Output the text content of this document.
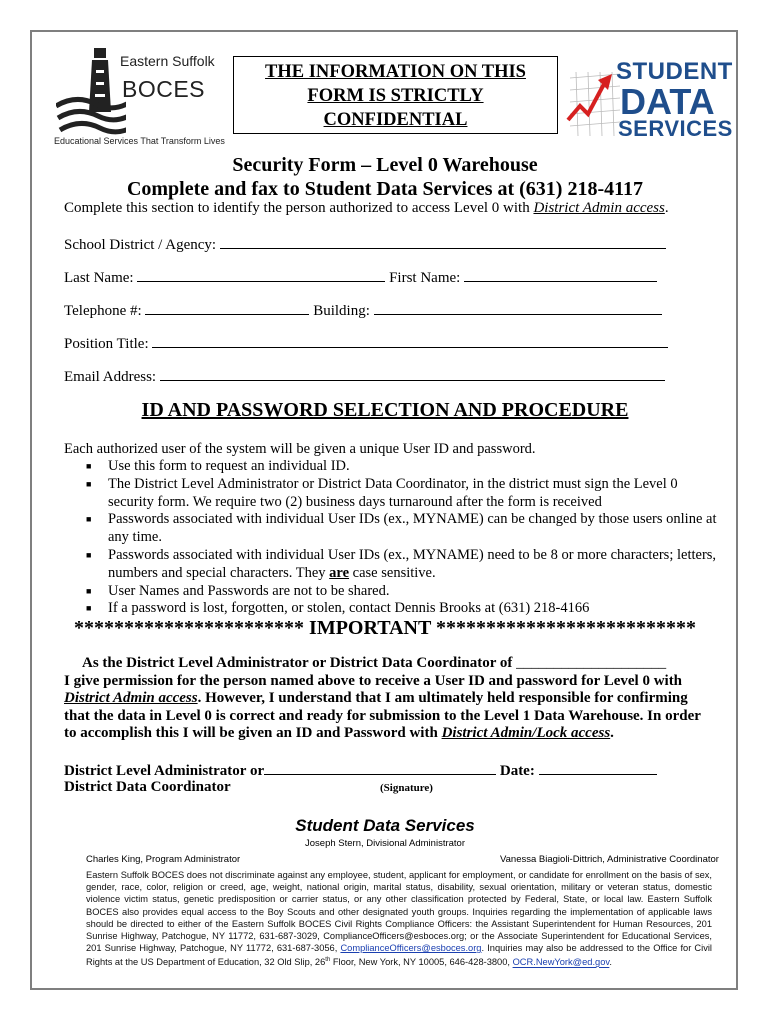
Eastern Suffolk
BOCES
Educational Services That Transform Lives
THE INFORMATION ON THIS
FORM IS STRICTLY
CONFIDENTIAL
STUDENT
DATA
SERVICES
Security Form – Level 0 Warehouse
Complete and fax to Student Data Services at (631) 218-4117
Complete this section to identify the person authorized to access Level 0 with District Admin access.
School District / Agency:
Last Name:	First Name:
Telephone #:	Building:
Position Title:
Email Address:
ID AND PASSWORD SELECTION AND PROCEDURE
Each authorized user of the system will be given a unique User ID and password.
■ Use this form to request an individual ID.
■ The District Level Administrator or District Data Coordinator, in the district must sign the Level 0 security form. We require two (2) business days turnaround after the form is received
■ Passwords associated with individual User IDs (ex., MYNAME) can be changed by those users online at any time.
■ Passwords associated with individual User IDs (ex., MYNAME) need to be 8 or more characters; letters, numbers and special characters. They are case sensitive.
■ User Names and Passwords are not to be shared.
■ If a password is lost, forgotten, or stolen, contact Dennis Brooks at (631) 218-4166
*********************** IMPORTANT **************************
As the District Level Administrator or District Data Coordinator of ____________________
I give permission for the person named above to receive a User ID and password for Level 0 with District Admin access. However, I understand that I am ultimately held responsible for confirming that the data in Level 0 is correct and ready for submission to the Level 1 Data Warehouse. In order to accomplish this I will be given an ID and Password with District Admin/Lock access.
District Level Administrator or	Date:
District Data Coordinator	(Signature)
Student Data Services
Joseph Stern, Divisional Administrator
Charles King, Program Administrator	Vanessa Biagioli-Dittrich, Administrative Coordinator
Eastern Suffolk BOCES does not discriminate against any employee, student, applicant for employment, or candidate for enrollment on the basis of sex, gender, race, color, religion or creed, age, weight, national origin, marital status, disability, sexual orientation, military or veteran status, domestic violence victim status, genetic predisposition or carrier status, or any other classification protected by Federal, State, or local law. Eastern Suffolk BOCES also provides equal access to the Boy Scouts and other designated youth groups. Inquiries regarding the implementation of applicable laws should be directed to either of the Eastern Suffolk BOCES Civil Rights Compliance Officers: the Assistant Superintendent for Human Resources, 201 Sunrise Highway, Patchogue, NY 11772, 631-687-3029, ComplianceOfficers@esboces.org; or the Associate Superintendent for Educational Services, 201 Sunrise Highway, Patchogue, NY 11772, 631-687-3056, ComplianceOfficers@esboces.org. Inquiries may also be addressed to the Office for Civil Rights at the US Department of Education, 32 Old Slip, 26th Floor, New York, NY 10005, 646-428-3800, OCR.NewYork@ed.gov.
